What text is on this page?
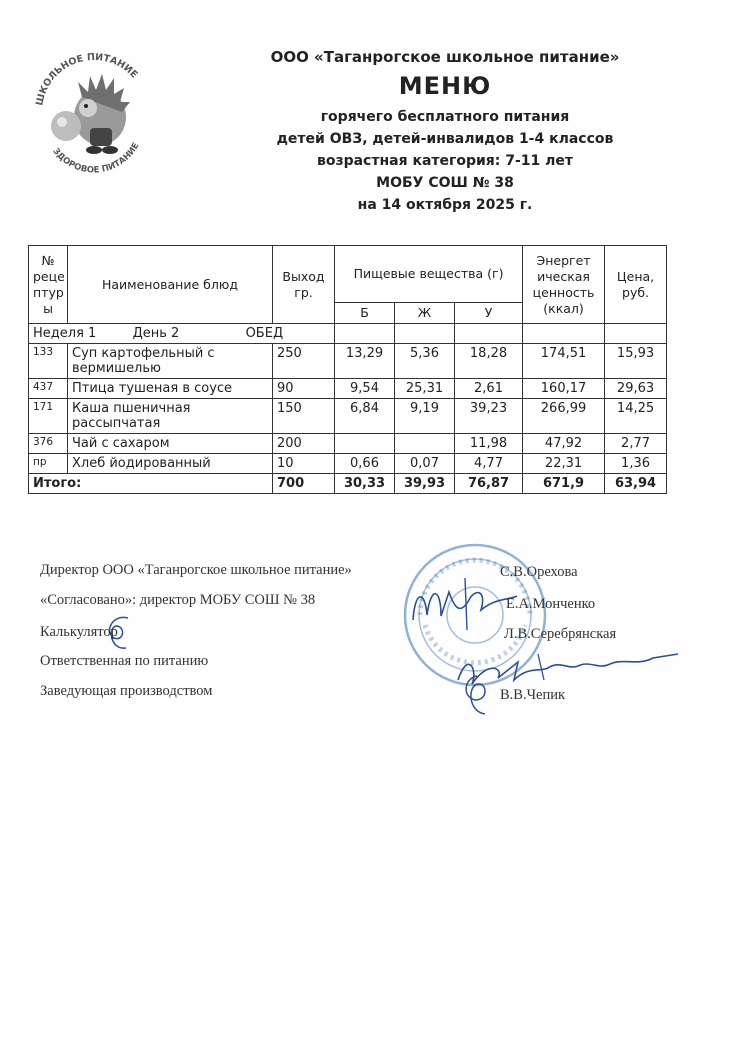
ШКОЛЬНОЕ ПИТАНИЕ
ЗДОРОВОЕ ПИТАНИЕ
ООО «Таганрогское школьное питание»
МЕНЮ
горячего бесплатного питания
детей ОВЗ, детей-инвалидов 1-4 классов
возрастная категория: 7-11 лет
МОБУ СОШ № 38
на 14 октября 2025 г.
№ реце птур ы	Наименование блюд	Выход гр.	Пищевые вещества (г)			Энергет ическая ценность (ккал)	Цена, руб.
			Б	Ж	У		
Неделя 1 День 2 ОБЕД							
133	Суп картофельный с вермишелью	250	13,29	5,36	18,28	174,51	15,93
437	Птица тушеная в соусе	90	9,54	25,31	2,61	160,17	29,63
171	Каша пшеничная рассыпчатая	150	6,84	9,19	39,23	266,99	14,25
376	Чай с сахаром	200			11,98	47,92	2,77
пр	Хлеб йодированный	10	0,66	0,07	4,77	22,31	1,36
Итого:		700	30,33	39,93	76,87	671,9	63,94
Директор ООО «Таганрогское школьное питание»	С.В.Орехова
«Согласовано»: директор МОБУ СОШ № 38	Е.А.Монченко
Калькулятор	Л.В.Серебрянская
Ответственная по питанию
Заведующая производством	В.В.Чепик
